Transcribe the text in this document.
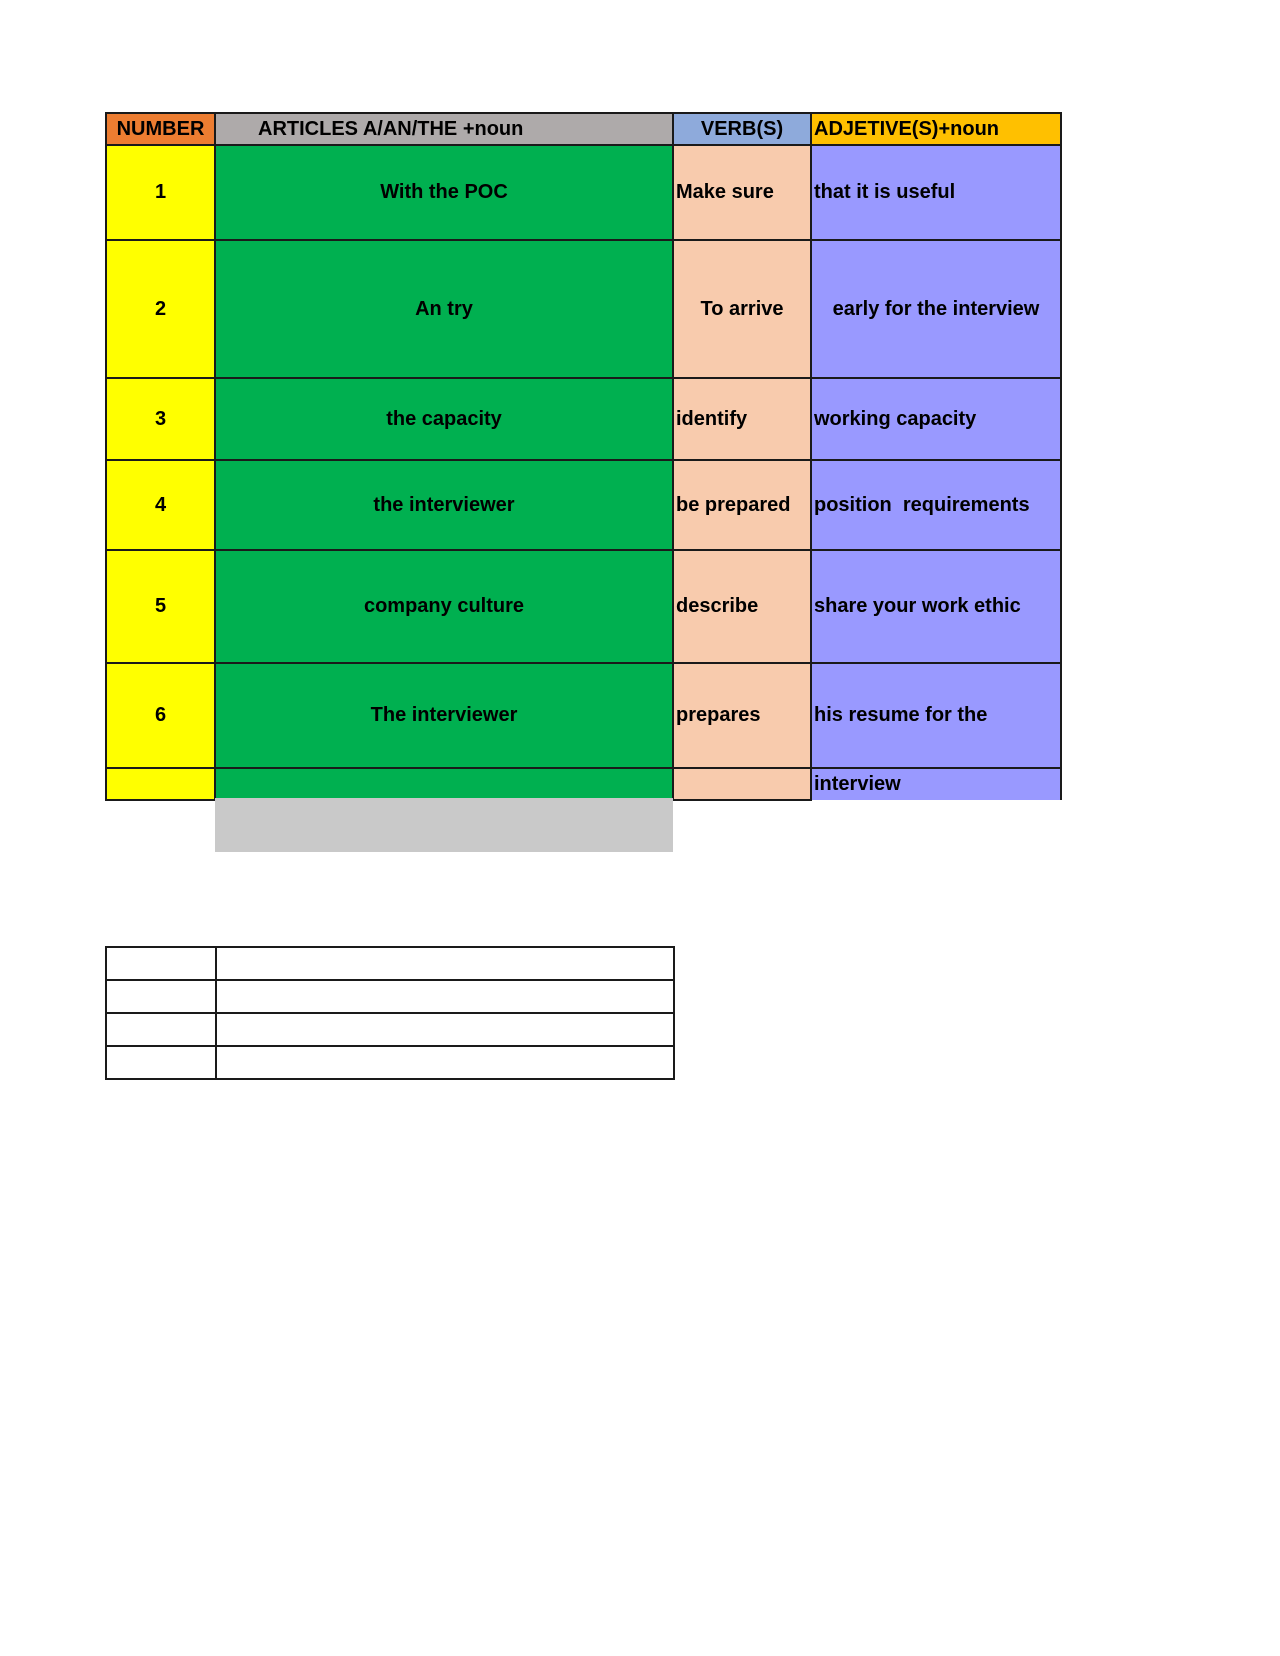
NUMBER	ARTICLES A/AN/THE +noun	VERB(S)	ADJETIVE(S)+noun
1	With the POC	Make sure	that it is useful
2	An try	To arrive	early for the interview
3	the capacity	identify	working capacity
4	the interviewer	be prepared	position  requirements
5	company culture	describe	share your work ethic
6	The interviewer	prepares	his resume for the
			interview
